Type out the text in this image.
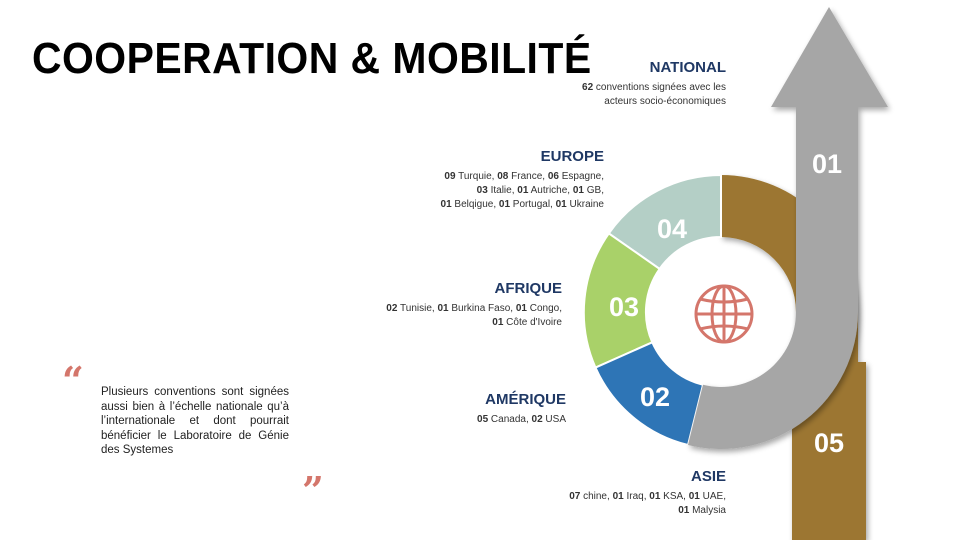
COOPERATION & MOBILITÉ
01
02
03
04
05
NATIONAL
62 conventions signées avec les
acteurs socio-économiques
EUROPE
09 Turquie, 08 France, 06 Espagne,
03 Italie, 01 Autriche, 01 GB,
01 Belqigue, 01 Portugal, 01 Ukraine
AFRIQUE
02 Tunisie, 01 Burkina Faso, 01 Congo,
01 Côte d'Ivoire
AMÉRIQUE
05 Canada, 02 USA
ASIE
07 chine, 01 Iraq, 01 KSA, 01 UAE,
01 Malysia
“ Plusieurs conventions sont signées aussi bien à l’échelle nationale qu’à l’internationale et dont pourrait bénéficier le Laboratoire de Génie des Systemes
”
